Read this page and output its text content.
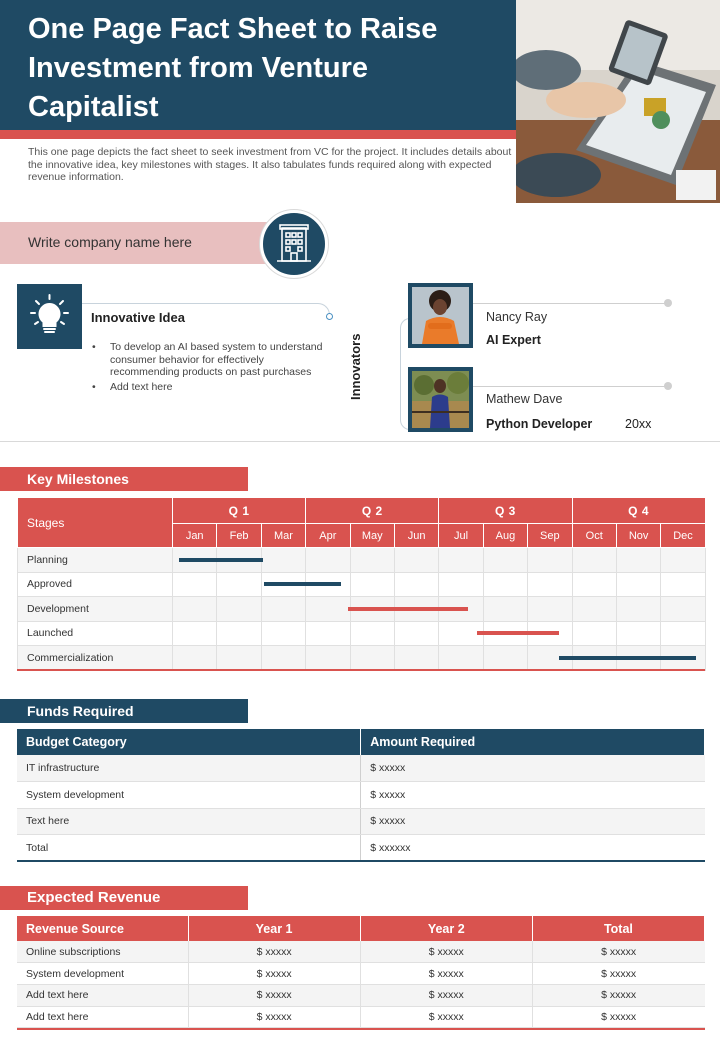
One Page Fact Sheet to Raise Investment from Venture Capitalist

This one page depicts the fact sheet to seek investment from VC for the project. It includes details about the innovative idea, key milestones with stages. It also tabulates funds required along with expected revenue information.

Write company name here
Innovative Idea
• To develop an AI based system to understand consumer behavior for effectively recommending products on past purchases
• Add text here	Innovators
Nancy Ray
AI Expert
Mathew Dave
Python Developer	20xx
Key Milestones
Stages	Q 1			Q 2			Q 3			Q 4		
	Jan	Feb	Mar	Apr	May	Jun	Jul	Aug	Sep	Oct	Nov	Dec
Planning												
Approved												
Development												
Launched												
Commercialization												
Funds Required
Budget Category	Amount Required
IT infrastructure	$ xxxxx
System development	$ xxxxx
Text here	$ xxxxx
Total	$ xxxxxx
Expected Revenue
Revenue Source	Year 1	Year 2	Total
Online subscriptions	$ xxxxx	$ xxxxx	$ xxxxx
System development	$ xxxxx	$ xxxxx	$ xxxxx
Add text here	$ xxxxx	$ xxxxx	$ xxxxx
Add text here	$ xxxxx	$ xxxxx	$ xxxxx
